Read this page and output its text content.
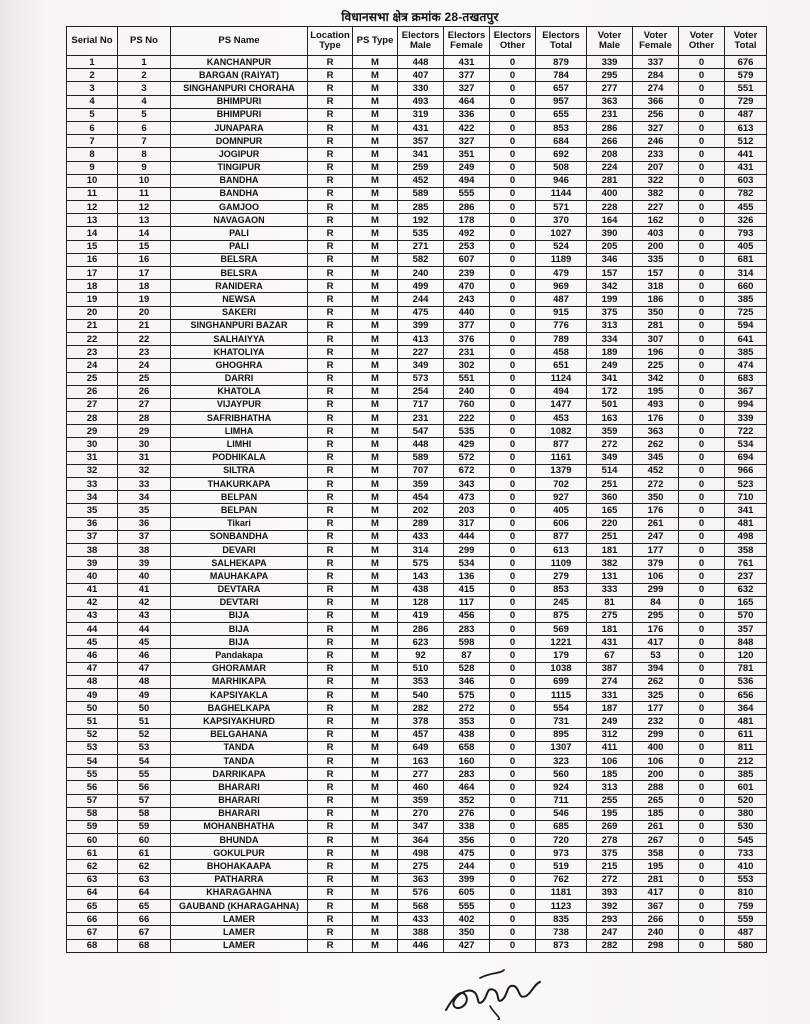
विधानसभा क्षेत्र क्रमांक 28-तखतपुर
Serial No	PS No	PS Name	Location Type	PS Type	Electors Male	Electors Female	Electors Other	Electors Total	Voter Male	Voter Female	Voter Other	Voter Total
1	1	KANCHANPUR	R	M	448	431	0	879	339	337	0	676
2	2	BARGAN (RAIYAT)	R	M	407	377	0	784	295	284	0	579
3	3	SINGHANPURI CHORAHA	R	M	330	327	0	657	277	274	0	551
4	4	BHIMPURI	R	M	493	464	0	957	363	366	0	729
5	5	BHIMPURI	R	M	319	336	0	655	231	256	0	487
6	6	JUNAPARA	R	M	431	422	0	853	286	327	0	613
7	7	DOMNPUR	R	M	357	327	0	684	266	246	0	512
8	8	JOGIPUR	R	M	341	351	0	692	208	233	0	441
9	9	TINGIPUR	R	M	259	249	0	508	224	207	0	431
10	10	BANDHA	R	M	452	494	0	946	281	322	0	603
11	11	BANDHA	R	M	589	555	0	1144	400	382	0	782
12	12	GAMJOO	R	M	285	286	0	571	228	227	0	455
13	13	NAVAGAON	R	M	192	178	0	370	164	162	0	326
14	14	PALI	R	M	535	492	0	1027	390	403	0	793
15	15	PALI	R	M	271	253	0	524	205	200	0	405
16	16	BELSRA	R	M	582	607	0	1189	346	335	0	681
17	17	BELSRA	R	M	240	239	0	479	157	157	0	314
18	18	RANIDERA	R	M	499	470	0	969	342	318	0	660
19	19	NEWSA	R	M	244	243	0	487	199	186	0	385
20	20	SAKERI	R	M	475	440	0	915	375	350	0	725
21	21	SINGHANPURI BAZAR	R	M	399	377	0	776	313	281	0	594
22	22	SALHAIYYA	R	M	413	376	0	789	334	307	0	641
23	23	KHATOLIYA	R	M	227	231	0	458	189	196	0	385
24	24	GHOGHRA	R	M	349	302	0	651	249	225	0	474
25	25	DARRI	R	M	573	551	0	1124	341	342	0	683
26	26	KHATOLA	R	M	254	240	0	494	172	195	0	367
27	27	VIJAYPUR	R	M	717	760	0	1477	501	493	0	994
28	28	SAFRIBHATHA	R	M	231	222	0	453	163	176	0	339
29	29	LIMHA	R	M	547	535	0	1082	359	363	0	722
30	30	LIMHI	R	M	448	429	0	877	272	262	0	534
31	31	PODHIKALA	R	M	589	572	0	1161	349	345	0	694
32	32	SILTRA	R	M	707	672	0	1379	514	452	0	966
33	33	THAKURKAPA	R	M	359	343	0	702	251	272	0	523
34	34	BELPAN	R	M	454	473	0	927	360	350	0	710
35	35	BELPAN	R	M	202	203	0	405	165	176	0	341
36	36	Tikari	R	M	289	317	0	606	220	261	0	481
37	37	SONBANDHA	R	M	433	444	0	877	251	247	0	498
38	38	DEVARI	R	M	314	299	0	613	181	177	0	358
39	39	SALHEKAPA	R	M	575	534	0	1109	382	379	0	761
40	40	MAUHAKAPA	R	M	143	136	0	279	131	106	0	237
41	41	DEVTARA	R	M	438	415	0	853	333	299	0	632
42	42	DEVTARI	R	M	128	117	0	245	81	84	0	165
43	43	BIJA	R	M	419	456	0	875	275	295	0	570
44	44	BIJA	R	M	286	283	0	569	181	176	0	357
45	45	BIJA	R	M	623	598	0	1221	431	417	0	848
46	46	Pandakapa	R	M	92	87	0	179	67	53	0	120
47	47	GHORAMAR	R	M	510	528	0	1038	387	394	0	781
48	48	MARHIKAPA	R	M	353	346	0	699	274	262	0	536
49	49	KAPSIYAKLA	R	M	540	575	0	1115	331	325	0	656
50	50	BAGHELKAPA	R	M	282	272	0	554	187	177	0	364
51	51	KAPSIYAKHURD	R	M	378	353	0	731	249	232	0	481
52	52	BELGAHANA	R	M	457	438	0	895	312	299	0	611
53	53	TANDA	R	M	649	658	0	1307	411	400	0	811
54	54	TANDA	R	M	163	160	0	323	106	106	0	212
55	55	DARRIKAPA	R	M	277	283	0	560	185	200	0	385
56	56	BHARARI	R	M	460	464	0	924	313	288	0	601
57	57	BHARARI	R	M	359	352	0	711	255	265	0	520
58	58	BHARARI	R	M	270	276	0	546	195	185	0	380
59	59	MOHANBHATHA	R	M	347	338	0	685	269	261	0	530
60	60	BHUNDA	R	M	364	356	0	720	278	267	0	545
61	61	GOKULPUR	R	M	498	475	0	973	375	358	0	733
62	62	BHOHAKAAPA	R	M	275	244	0	519	215	195	0	410
63	63	PATHARRA	R	M	363	399	0	762	272	281	0	553
64	64	KHARAGAHNA	R	M	576	605	0	1181	393	417	0	810
65	65	GAUBAND (KHARAGAHNA)	R	M	568	555	0	1123	392	367	0	759
66	66	LAMER	R	M	433	402	0	835	293	266	0	559
67	67	LAMER	R	M	388	350	0	738	247	240	0	487
68	68	LAMER	R	M	446	427	0	873	282	298	0	580
